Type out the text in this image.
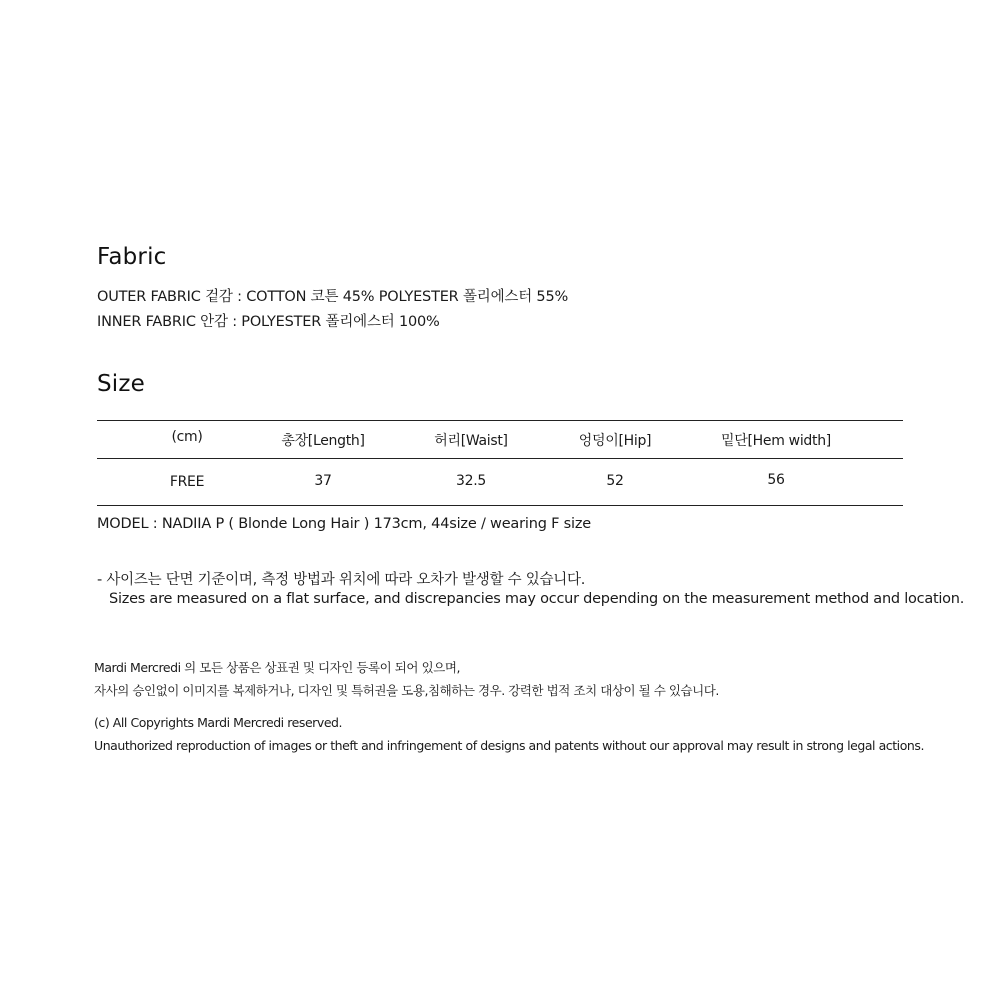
Fabric
OUTER FABRIC 겉감 : COTTON 코튼 45% POLYESTER 폴리에스터 55%
INNER FABRIC 안감 : POLYESTER 폴리에스터 100%
Size
(cm)	총장[Length]	허리[Waist]	엉덩이[Hip]	밑단[Hem width]
FREE	37	32.5	52	56
MODEL : NADIIA P ( Blonde Long Hair ) 173cm, 44size / wearing F size
- 사이즈는 단면 기준이며, 측정 방법과 위치에 따라 오차가 발생할 수 있습니다.
Sizes are measured on a flat surface, and discrepancies may occur depending on the measurement method and location.
Mardi Mercredi 의 모든 상품은 상표권 및 디자인 등록이 되어 있으며,
자사의 승인없이 이미지를 복제하거나, 디자인 및 특허권을 도용,침해하는 경우. 강력한 법적 조치 대상이 될 수 있습니다.
(c) All Copyrights Mardi Mercredi reserved.
Unauthorized reproduction of images or theft and infringement of designs and patents without our approval may result in strong legal actions.
